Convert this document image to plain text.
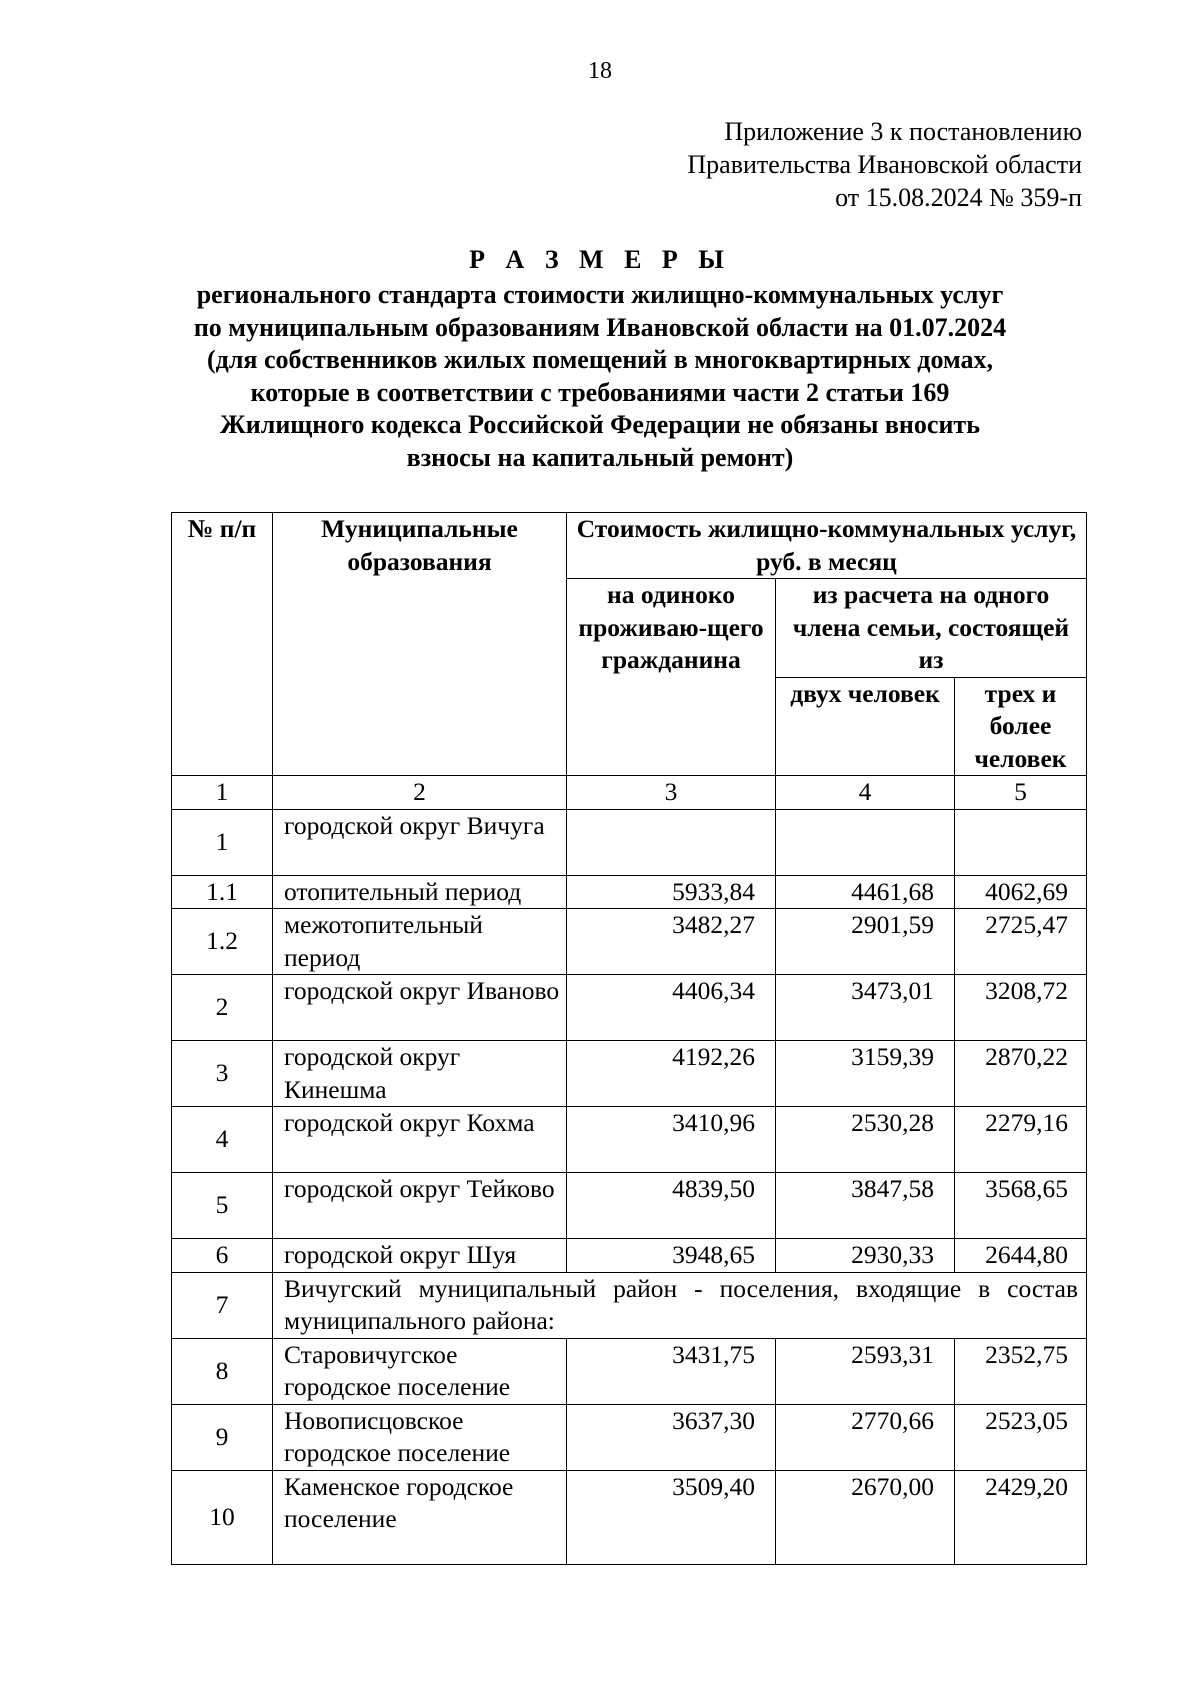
18
Приложение 3 к постановлению
Правительства Ивановской области
от 15.08.2024 № 359-п
Р А З М Е Р Ы
регионального стандарта стоимости жилищно-коммунальных услуг
по муниципальным образованиям Ивановской области на 01.07.2024
(для собственников жилых помещений в многоквартирных домах,
которые в соответствии с требованиями части 2 статьи 169
Жилищного кодекса Российской Федерации не обязаны вносить
взносы на капитальный ремонт)
№ п/п	Муниципальные образования	Стоимость жилищно-коммунальных услуг, руб. в месяц		
		на одиноко проживаю-щего гражданина	из расчета на одного члена семьи, состоящей из	
			двух человек	трех и более человек
1	2	3	4	5
1	городской округ Вичуга			
1.1	отопительный период	5933,84	4461,68	4062,69
1.2	межотопительный период	3482,27	2901,59	2725,47
2	городской округ Иваново	4406,34	3473,01	3208,72
3	городской округ Кинешма	4192,26	3159,39	2870,22
4	городской округ Кохма	3410,96	2530,28	2279,16
5	городской округ Тейково	4839,50	3847,58	3568,65
6	городской округ Шуя	3948,65	2930,33	2644,80
7	Вичугский муниципальный район - поселения, входящие в состав муниципального района:			
8	Старовичугское городское поселение	3431,75	2593,31	2352,75
9	Новописцовское городское поселение	3637,30	2770,66	2523,05
10	Каменское городское поселение	3509,40	2670,00	2429,20
